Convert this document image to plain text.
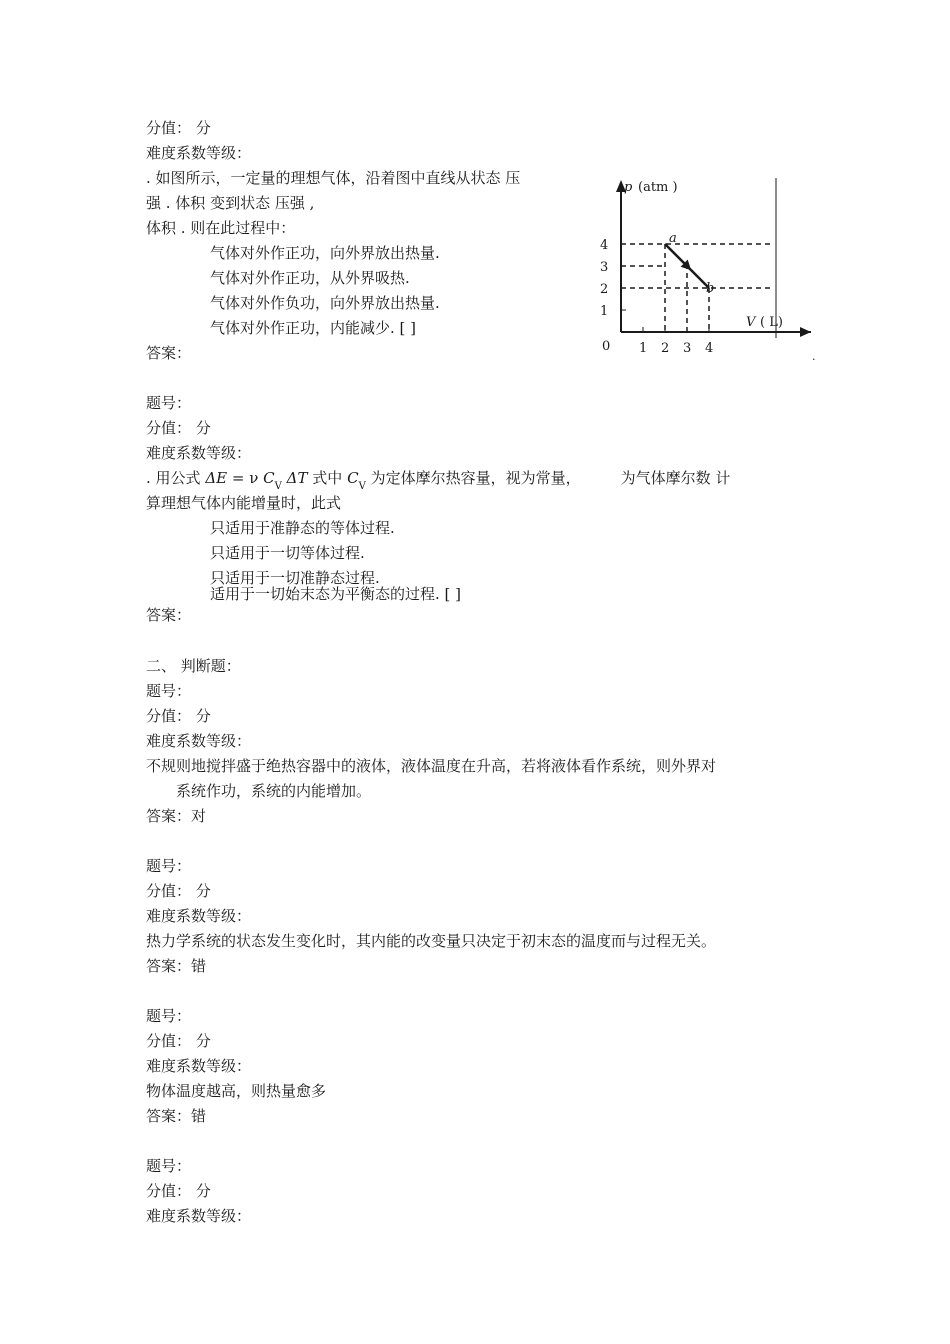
分值： 分
难度系数等级：
. 如图所示，一定量的理想气体，沿着图中直线从状态 压
强 . 体积 变到状态 压强 ,
体积 . 则在此过程中：
气体对外作正功，向外界放出热量.
气体对外作正功，从外界吸热.
气体对外作负功，向外界放出热量.
气体对外作正功，内能减少. [ ]
答案：
题号：
分值： 分
难度系数等级：
算理想气体内能增量时，此式
只适用于准静态的等体过程.
只适用于一切等体过程.
只适用于一切准静态过程.
适用于一切始末态为平衡态的过程. [ ]
答案：
二、 判断题：
题号：
分值： 分
难度系数等级：
不规则地搅拌盛于绝热容器中的液体，液体温度在升高，若将液体看作系统，则外界对
系统作功，系统的内能增加。
答案：对
题号：
分值： 分
难度系数等级：
热力学系统的状态发生变化时，其内能的改变量只决定于初末态的温度而与过程无关。
答案：错
题号：
分值： 分
难度系数等级：
物体温度越高，则热量愈多
答案：错
题号：
分值： 分
难度系数等级：
. 用公式 ΔE = ν $C_V$ ΔT 式中 $C_V$ 为定体摩尔热容量，视为常量，	为气体摩尔数 计
1 2 3 4
1
2
3
4
p (atm )
V ( L)
0
a
b
·
